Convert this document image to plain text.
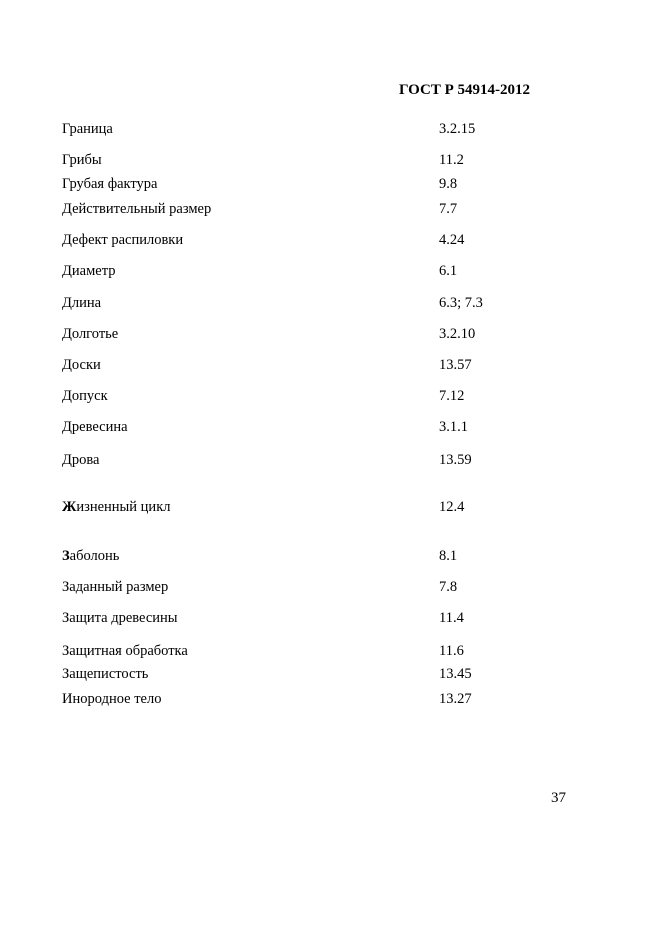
ГОСТ Р 54914-2012
Граница	3.2.15
Грибы	11.2
Грубая фактура	9.8
Действительный размер	7.7
Дефект распиловки	4.24
Диаметр	6.1
Длина	6.3; 7.3
Долготье	3.2.10
Доски	13.57
Допуск	7.12
Древесина	3.1.1
Дрова	13.59
Жизненный цикл	12.4
Заболонь	8.1
Заданный размер	7.8
Защита древесины	11.4
Защитная обработка	11.6
Защепистость	13.45
Инородное тело	13.27
37
